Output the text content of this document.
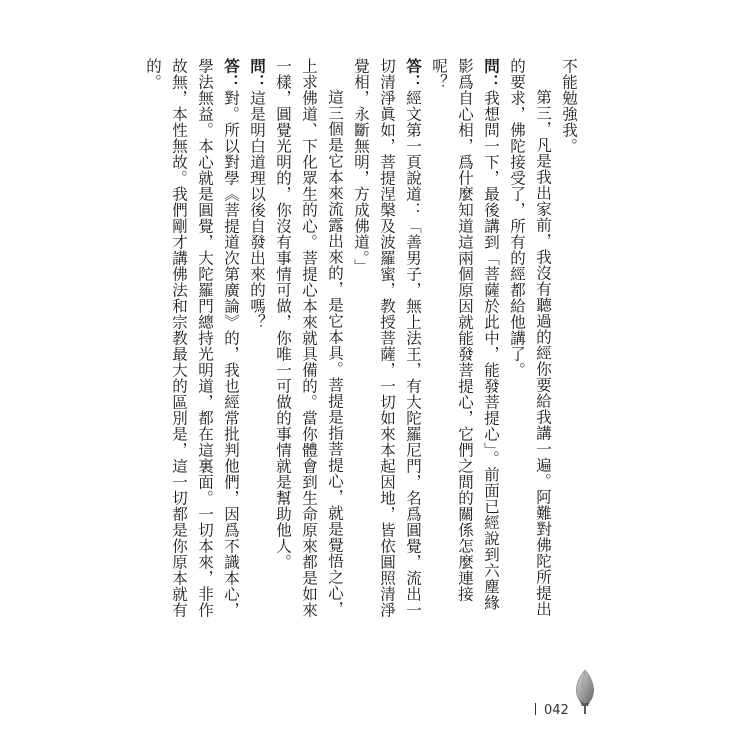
不能勉強我。
第三，凡是我出家前，我沒有聽過的經你要給我講一遍。阿難對佛陀所提出的要求，佛陀接受了，所有的經都給他講了。
問：我想問一下，最後講到「菩薩於此中，能發菩提心」。前面已經說到六塵緣影爲自心相，爲什麼知道這兩個原因就能發菩提心，它們之間的關係怎麼連接呢？
答：經文第一頁說道：「善男子，無上法王，有大陀羅尼門，名爲圓覺，流出一切清淨眞如，菩提涅槃及波羅蜜，教授菩薩，一切如來本起因地，皆依圓照清淨覺相，永斷無明，方成佛道。」
這三個是它本來流露出來的，是它本具。菩提是指菩提心，就是覺悟之心，上求佛道、下化眾生的心。菩提心本來就具備的。當你體會到生命原來都是如來一樣，圓覺光明的，你沒有事情可做，你唯一可做的事情就是幫助他人。
問：這是明白道理以後自發出來的嗎？
答：對。所以對學《菩提道次第廣論》的，我也經常批判他們，因爲不識本心，學法無益。本心就是圓覺，大陀羅門總持光明道，都在這裏面。一切本來，非作故無，本性無故。我們剛才講佛法和宗教最大的區別是，這一切都是你原本就有的。
042
